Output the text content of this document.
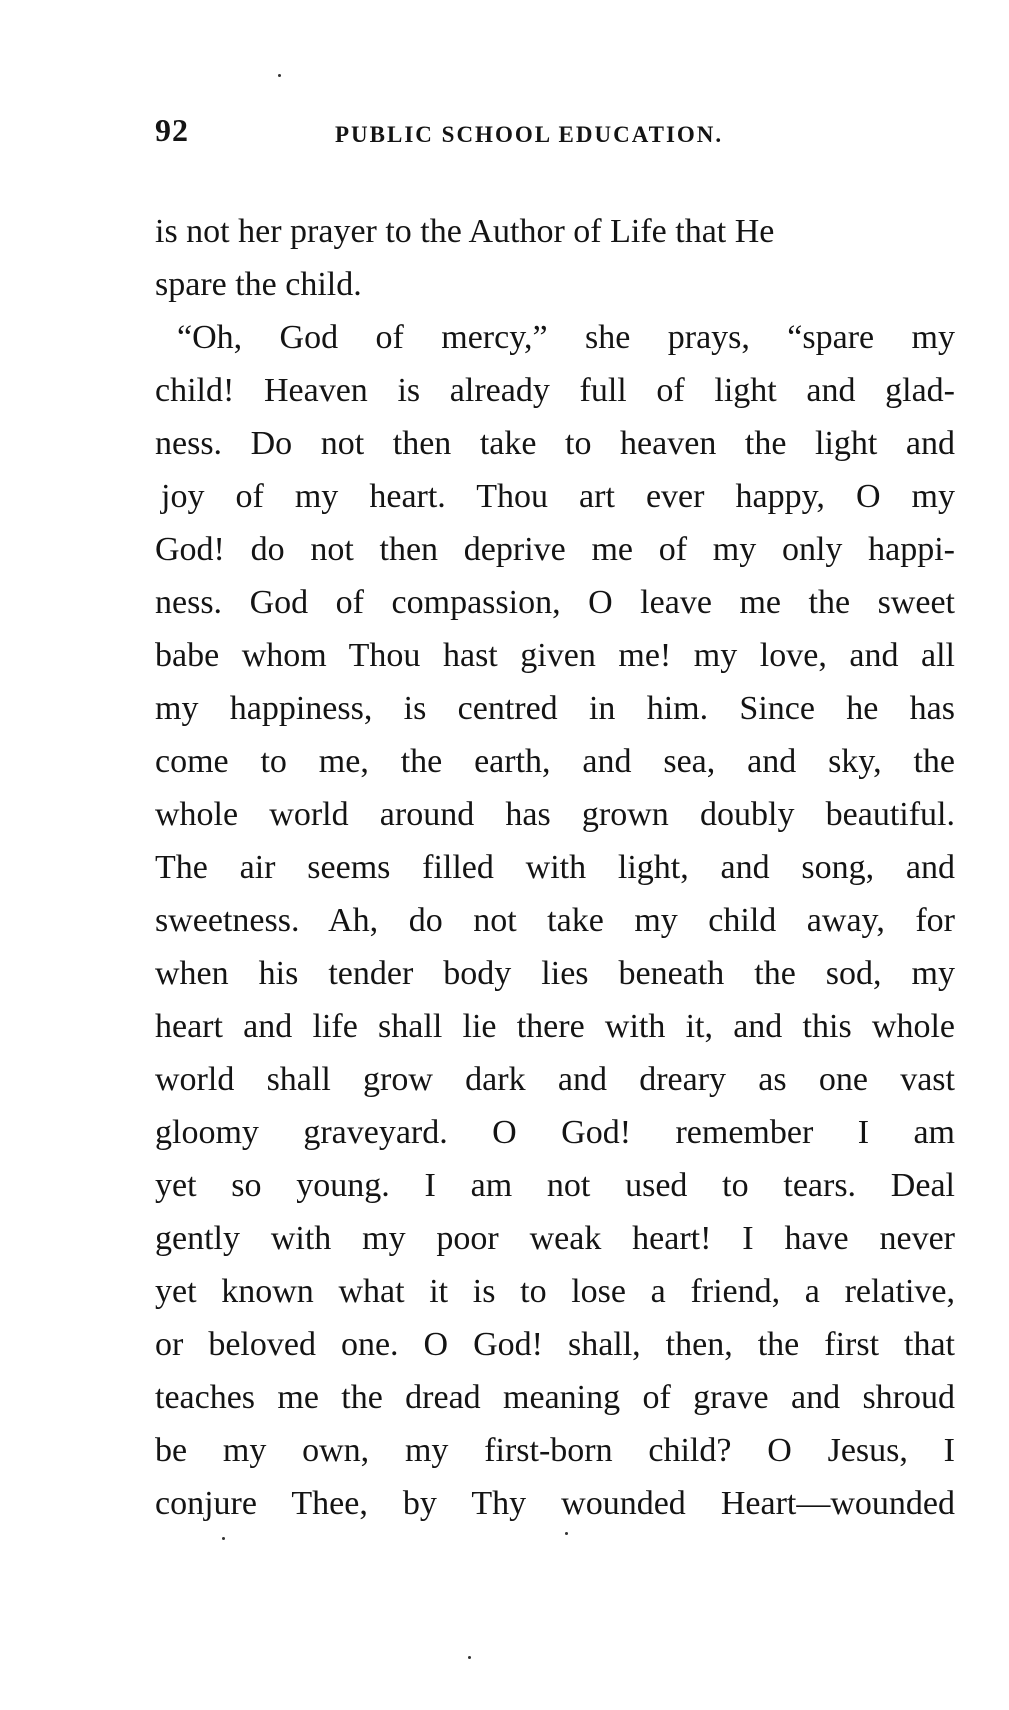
92	PUBLIC SCHOOL EDUCATION.
is not her prayer to the Author of Life that He
spare the child.
“Oh, God of mercy,” she prays, “spare my
child! Heaven is already full of light and glad-
ness. Do not then take to heaven the light and
joy of my heart. Thou art ever happy, O my
God! do not then deprive me of my only happi-
ness. God of compassion, O leave me the sweet
babe whom Thou hast given me! my love, and all
my happiness, is centred in him. Since he has
come to me, the earth, and sea, and sky, the
whole world around has grown doubly beautiful.
The air seems filled with light, and song, and
sweetness. Ah, do not take my child away, for
when his tender body lies beneath the sod, my
heart and life shall lie there with it, and this whole
world shall grow dark and dreary as one vast
gloomy graveyard. O God! remember I am
yet so young. I am not used to tears. Deal
gently with my poor weak heart! I have never
yet known what it is to lose a friend, a relative,
or beloved one. O God! shall, then, the first that
teaches me the dread meaning of grave and shroud
be my own, my first-born child? O Jesus, I
conjure Thee, by Thy wounded Heart—wounded
